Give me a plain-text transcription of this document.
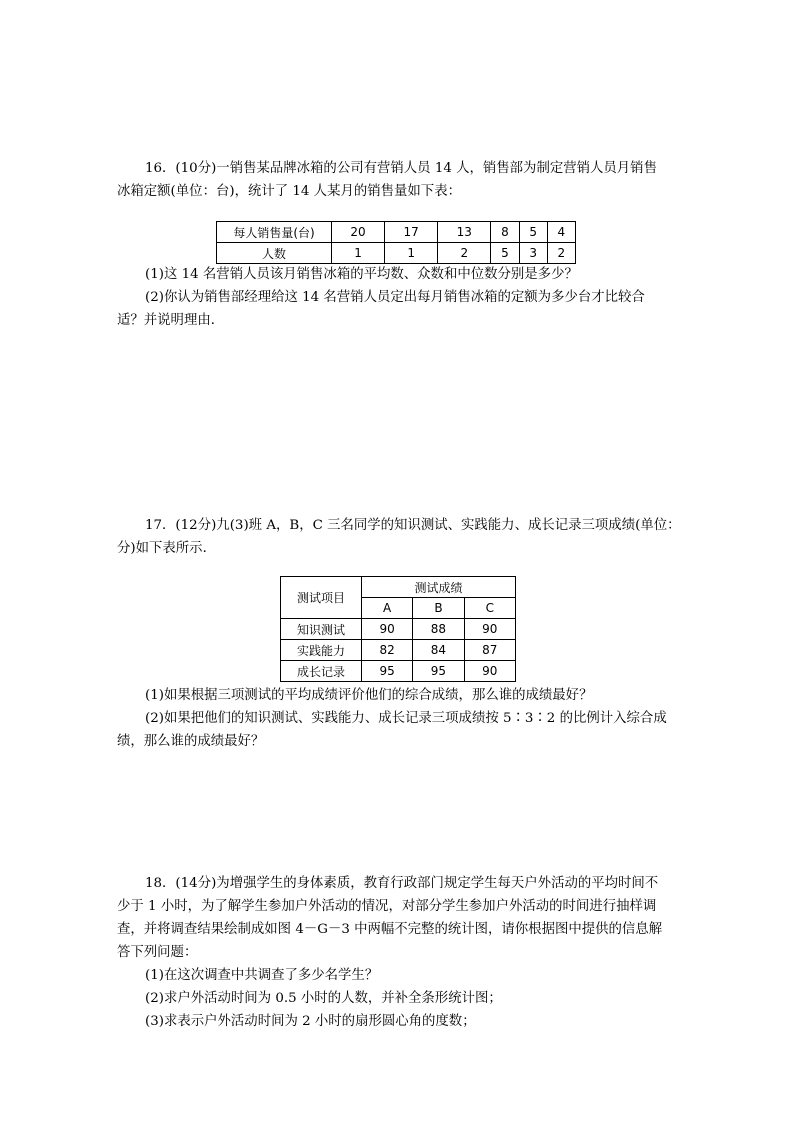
16．(10分)一销售某品牌冰箱的公司有营销人员 14 人，销售部为制定营销人员月销售
冰箱定额(单位：台)，统计了 14 人某月的销售量如下表：
每人销售量(台)	20	17	13	8	5	4
人数	1	1	2	5	3	2
(1)这 14 名营销人员该月销售冰箱的平均数、众数和中位数分别是多少？
(2)你认为销售部经理给这 14 名营销人员定出每月销售冰箱的定额为多少台才比较合
适？并说明理由．
17．(12分)九(3)班 A，B，C 三名同学的知识测试、实践能力、成长记录三项成绩(单位：
分)如下表所示．
测试项目	测试成绩		
	A	B	C
知识测试	90	88	90
实践能力	82	84	87
成长记录	95	95	90
(1)如果根据三项测试的平均成绩评价他们的综合成绩，那么谁的成绩最好？
(2)如果把他们的知识测试、实践能力、成长记录三项成绩按 5∶3∶2 的比例计入综合成
绩，那么谁的成绩最好？
18．(14分)为增强学生的身体素质，教育行政部门规定学生每天户外活动的平均时间不
少于 1 小时，为了解学生参加户外活动的情况，对部分学生参加户外活动的时间进行抽样调
查，并将调查结果绘制成如图 4－G－3 中两幅不完整的统计图，请你根据图中提供的信息解
答下列问题：
(1)在这次调查中共调查了多少名学生？
(2)求户外活动时间为 0.5 小时的人数，并补全条形统计图；
(3)求表示户外活动时间为 2 小时的扇形圆心角的度数；
